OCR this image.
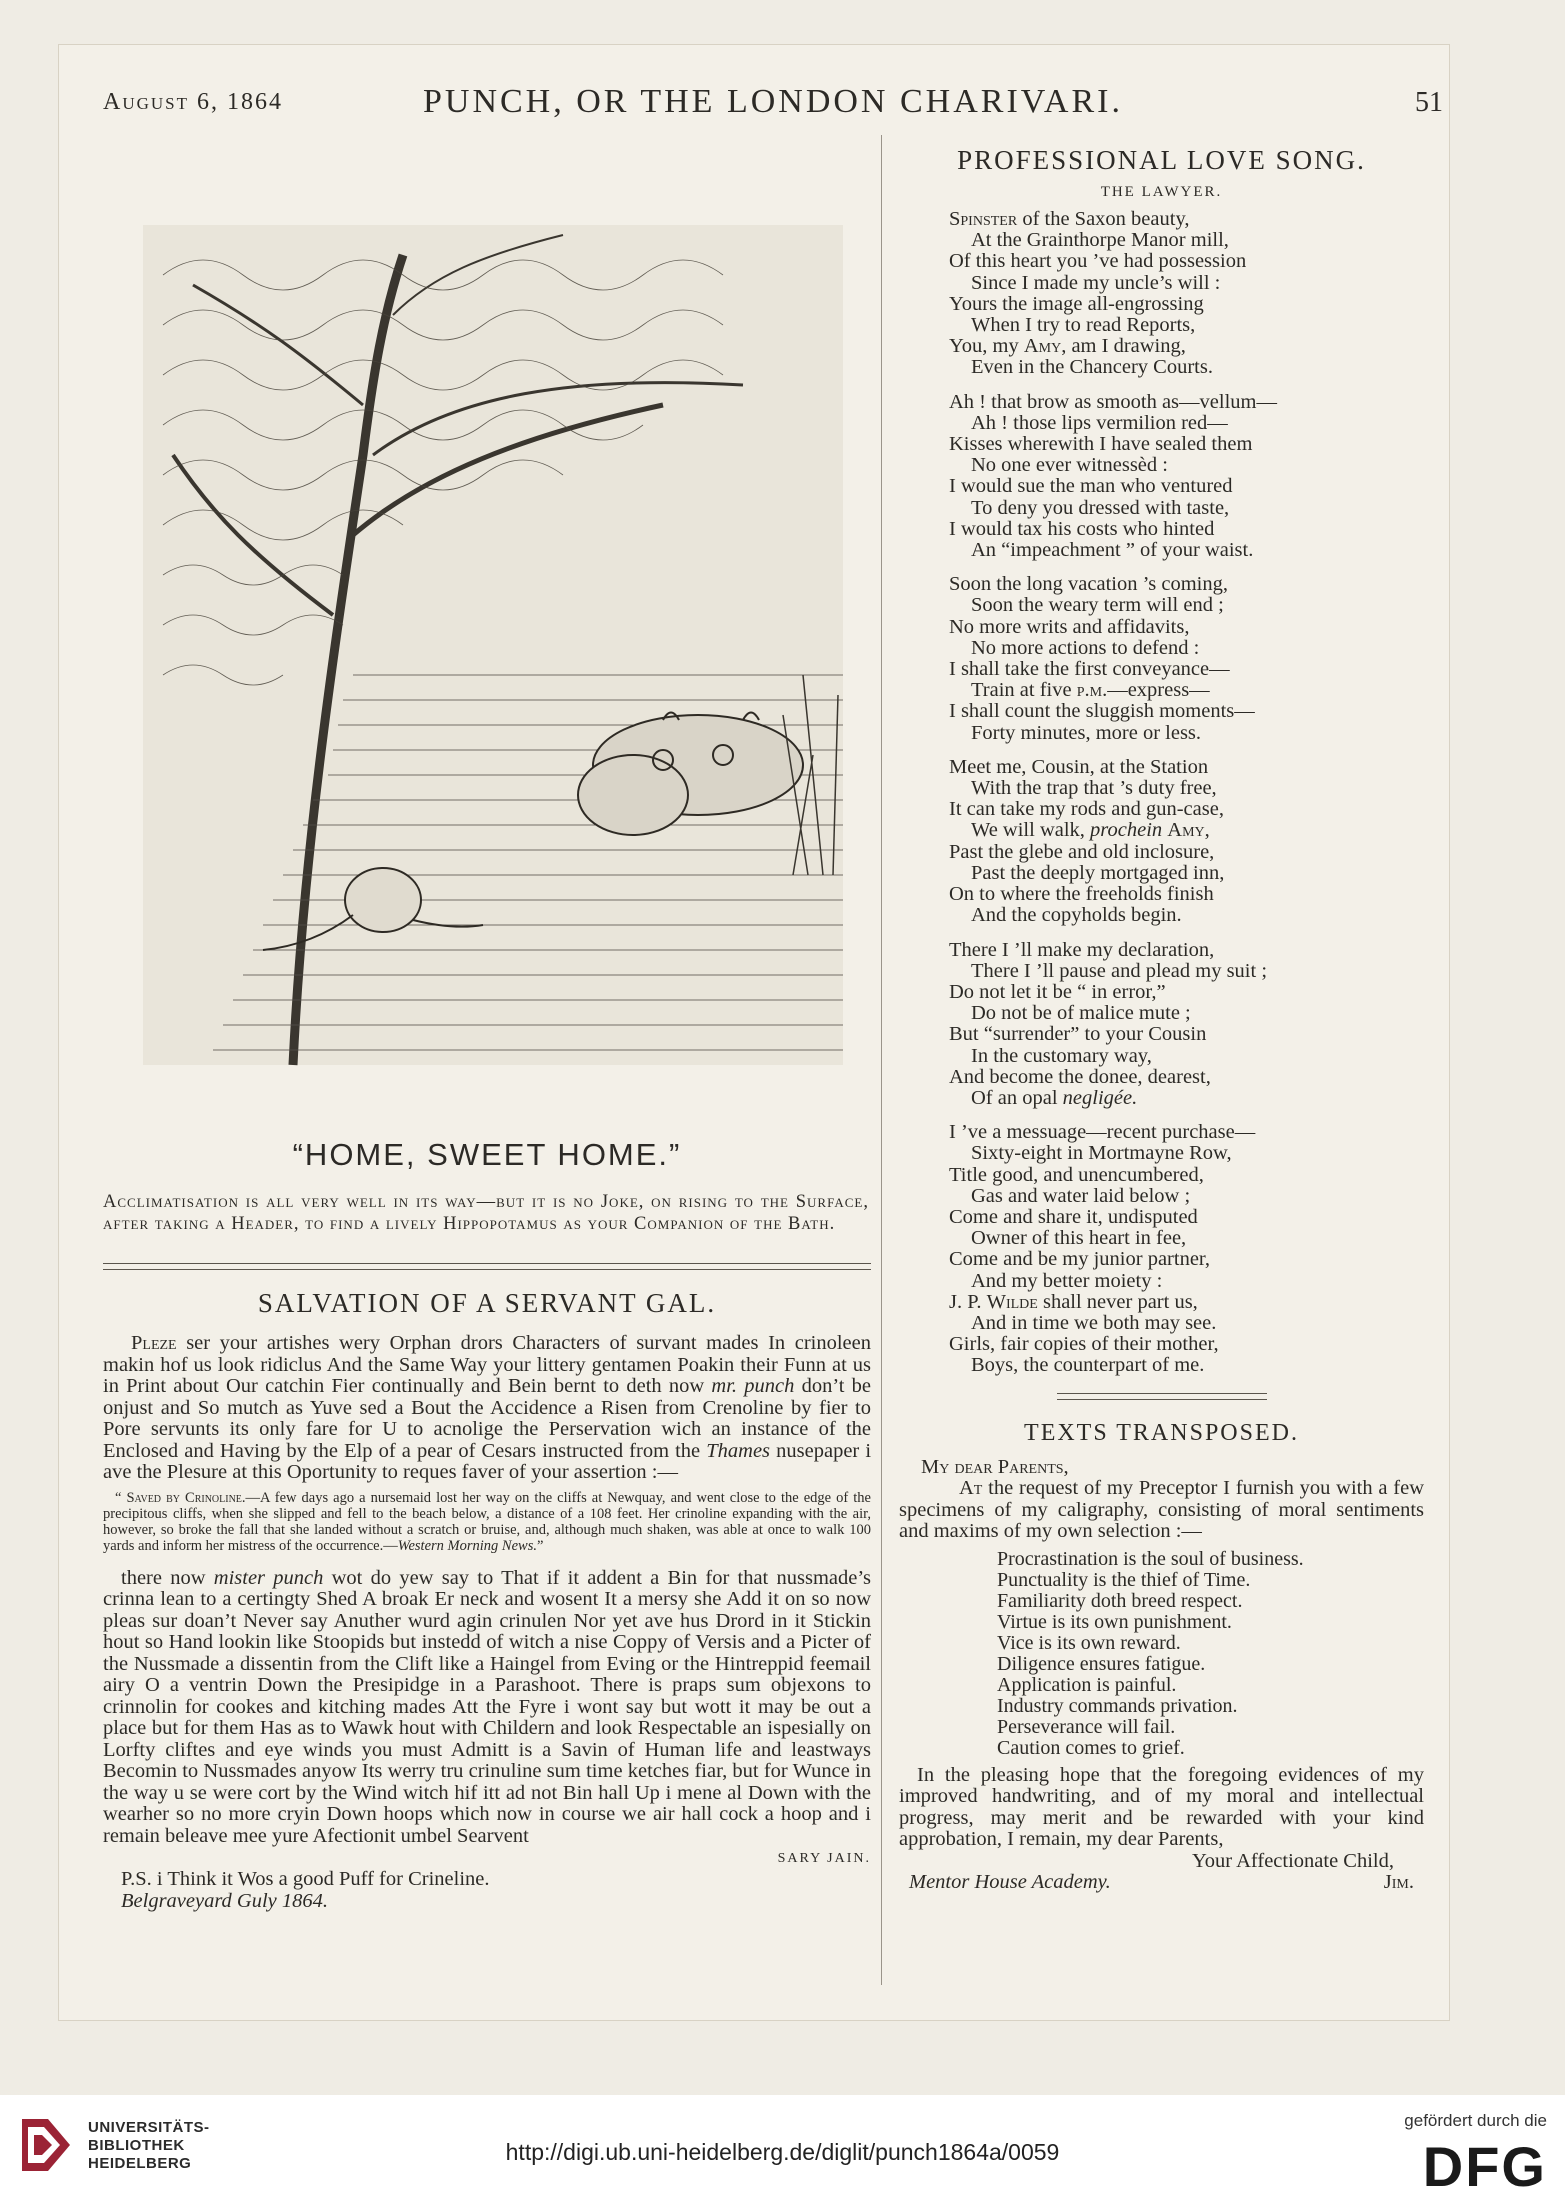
August 6, 1864	PUNCH, OR THE LONDON CHARIVARI.	51
“HOME, SWEET HOME.”
Acclimatisation is all very well in its way—but it is no Joke, on rising to the Surface, after taking a Header, to find a lively Hippopotamus as your Companion of the Bath.
SALVATION OF A SERVANT GAL.

Pleze ser your artishes wery Orphan drors Characters of survant mades In crinoleen makin hof us look ridiclus And the Same Way your littery gentamen Poakin their Funn at us in Print about Our catchin Fier continually and Bein bernt to deth now mr. punch don’t be onjust and So mutch as Yuve sed a Bout the Accidence a Risen from Crenoline by fier to Pore servunts its only fare for U to acnolige the Perservation wich an instance of the Enclosed and Having by the Elp of a pear of Cesars instructed from the Thames nusepaper i ave the Plesure at this Oportunity to reques faver of your assertion :—

“ Saved by Crinoline.—A few days ago a nursemaid lost her way on the cliffs at Newquay, and went close to the edge of the precipitous cliffs, when she slipped and fell to the beach below, a distance of a 108 feet. Her crinoline expanding with the air, however, so broke the fall that she landed without a scratch or bruise, and, although much shaken, was able at once to walk 100 yards and inform her mistress of the occurrence.—Western Morning News.”

there now mister punch wot do yew say to That if it addent a Bin for that nussmade’s crinna lean to a certingty Shed A broak Er neck and wosent It a mersy she Add it on so now pleas sur doan’t Never say Anuther wurd agin crinulen Nor yet ave hus Drord in it Stickin hout so Hand lookin like Stoopids but instedd of witch a nise Coppy of Versis and a Picter of the Nussmade a dissentin from the Clift like a Haingel from Eving or the Hintreppid feemail airy O a ventrin Down the Presipidge in a Parashoot. There is praps sum objexons to crinnolin for cookes and kitching mades Att the Fyre i wont say but wott it may be out a place but for them Has as to Wawk hout with Childern and look Respectable an ispesially on Lorfty cliftes and eye winds you must Admitt is a Savin of Human life and leastways Becomin to Nussmades anyow Its werry tru crinuline sum time ketches fiar, but for Wunce in the way u se were cort by the Wind witch hif itt ad not Bin hall Up i mene al Down with the wearher so no more cryin Down hoops which now in course we air hall cock a hoop and i remain beleave mee yure Afectionit umbel Searvent

SARY JAIN.
P.S. i Think it Wos a good Puff for Crineline.
Belgraveyard Guly 1864.
PROFESSIONAL LOVE SONG.
THE LAWYER.
Spinster of the Saxon beauty,
At the Grainthorpe Manor mill,
Of this heart you ’ve had possession
Since I made my uncle’s will :
Yours the image all-engrossing
When I try to read Reports,
You, my Amy, am I drawing,
Even in the Chancery Courts.
Ah ! that brow as smooth as—vellum—
Ah ! those lips vermilion red—
Kisses wherewith I have sealed them
No one ever witnessèd :
I would sue the man who ventured
To deny you dressed with taste,
I would tax his costs who hinted
An “impeachment ” of your waist.
Soon the long vacation ’s coming,
Soon the weary term will end ;
No more writs and affidavits,
No more actions to defend :
I shall take the first conveyance—
Train at five p.m.—express—
I shall count the sluggish moments—
Forty minutes, more or less.
Meet me, Cousin, at the Station
With the trap that ’s duty free,
It can take my rods and gun-case,
We will walk, prochein Amy,
Past the glebe and old inclosure,
Past the deeply mortgaged inn,
On to where the freeholds finish
And the copyholds begin.
There I ’ll make my declaration,
There I ’ll pause and plead my suit ;
Do not let it be “ in error,”
Do not be of malice mute ;
But “surrender” to your Cousin
In the customary way,
And become the donee, dearest,
Of an opal negligée.
I ’ve a messuage—recent purchase—
Sixty-eight in Mortmayne Row,
Title good, and unencumbered,
Gas and water laid below ;
Come and share it, undisputed
Owner of this heart in fee,
Come and be my junior partner,
And my better moiety :
J. P. Wilde shall never part us,
And in time we both may see.
Girls, fair copies of their mother,
Boys, the counterpart of me.
TEXTS TRANSPOSED.
My dear Parents,

At the request of my Preceptor I furnish you with a few specimens of my caligraphy, consisting of moral sentiments and maxims of my own selection :—

Procrastination is the soul of business.
Punctuality is the thief of Time.
Familiarity doth breed respect.
Virtue is its own punishment.
Vice is its own reward.
Diligence ensures fatigue.
Application is painful.
Industry commands privation.
Perseverance will fail.
Caution comes to grief.

In the pleasing hope that the foregoing evidences of my improved handwriting, and of my moral and intellectual progress, may merit and be rewarded with your kind approbation, I remain, my dear Parents,

Your Affectionate Child,
Mentor House Academy.	Jim.
UNIVERSITÄTS-
BIBLIOTHEK
HEIDELBERG	http://digi.ub.uni-heidelberg.de/diglit/punch1864a/0059
gefördert durch die
DFG
